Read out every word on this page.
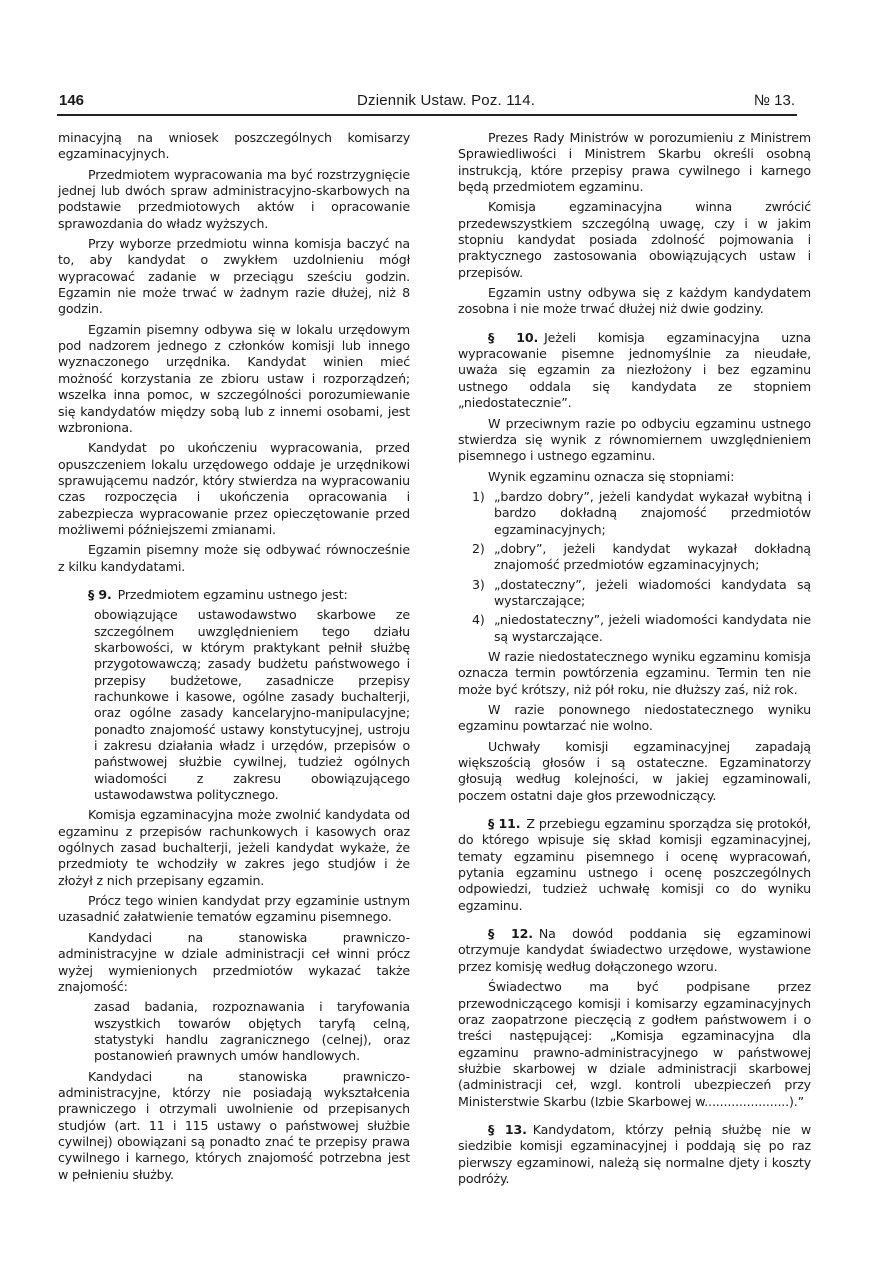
146	Dziennik Ustaw. Poz. 114.	№ 13.

minacyjną na wniosek poszczególnych komisarzy egzaminacyjnych.

Przedmiotem wypracowania ma być rozstrzygnięcie jednej lub dwóch spraw administracyjno-skarbowych na podstawie przedmiotowych aktów i opracowanie sprawozdania do władz wyższych.

Przy wyborze przedmiotu winna komisja baczyć na to, aby kandydat o zwykłem uzdolnieniu mógł wypracować zadanie w przeciągu sześciu godzin. Egzamin nie może trwać w żadnym razie dłużej, niż 8 godzin.

Egzamin pisemny odbywa się w lokalu urzędowym pod nadzorem jednego z członków komisji lub innego wyznaczonego urzędnika. Kandydat winien mieć możność korzystania ze zbioru ustaw i rozporządzeń; wszelka inna pomoc, w szczególności porozumiewanie się kandydatów między sobą lub z innemi osobami, jest wzbroniona.

Kandydat po ukończeniu wypracowania, przed opuszczeniem lokalu urzędowego oddaje je urzędnikowi sprawującemu nadzór, który stwierdza na wypracowaniu czas rozpoczęcia i ukończenia opracowania i zabezpiecza wypracowanie przez opieczętowanie przed możliwemi późniejszemi zmianami.

Egzamin pisemny może się odbywać równocześnie z kilku kandydatami.

§ 9. Przedmiotem egzaminu ustnego jest:

obowiązujące ustawodawstwo skarbowe ze szczególnem uwzględnieniem tego działu skarbowości, w którym praktykant pełnił służbę przygotowawczą; zasady budżetu państwowego i przepisy budżetowe, zasadnicze przepisy rachunkowe i kasowe, ogólne zasady buchalterji, oraz ogólne zasady kancelaryjno-manipulacyjne; ponadto znajomość ustawy konstytucyjnej, ustroju i zakresu działania władz i urzędów, przepisów o państwowej służbie cywilnej, tudzież ogólnych wiadomości z zakresu obowiązującego ustawodawstwa politycznego.

Komisja egzaminacyjna może zwolnić kandydata od egzaminu z przepisów rachunkowych i kasowych oraz ogólnych zasad buchalterji, jeżeli kandydat wykaże, że przedmioty te wchodziły w zakres jego studjów i że złożył z nich przepisany egzamin.

Prócz tego winien kandydat przy egzaminie ustnym uzasadnić załatwienie tematów egzaminu pisemnego.

Kandydaci na stanowiska prawniczo-administracyjne w dziale administracji ceł winni prócz wyżej wymienionych przedmiotów wykazać także znajomość:

zasad badania, rozpoznawania i taryfowania wszystkich towarów objętych taryfą celną, statystyki handlu zagranicznego (celnej), oraz postanowień prawnych umów handlowych.

Kandydaci na stanowiska prawniczo-administracyjne, którzy nie posiadają wykształcenia prawniczego i otrzymali uwolnienie od przepisanych studjów (art. 11 i 115 ustawy o państwowej służbie cywilnej) obowiązani są ponadto znać te przepisy prawa cywilnego i karnego, których znajomość potrzebna jest w pełnieniu służby.

Prezes Rady Ministrów w porozumieniu z Ministrem Sprawiedliwości i Ministrem Skarbu określi osobną instrukcją, które przepisy prawa cywilnego i karnego będą przedmiotem egzaminu.

Komisja egzaminacyjna winna zwrócić przedewszystkiem szczególną uwagę, czy i w jakim stopniu kandydat posiada zdolność pojmowania i praktycznego zastosowania obowiązujących ustaw i przepisów.

Egzamin ustny odbywa się z każdym kandydatem zosobna i nie może trwać dłużej niż dwie godziny.

§ 10. Jeżeli komisja egzaminacyjna uzna wypracowanie pisemne jednomyślnie za nieudałe, uważa się egzamin za niezłożony i bez egzaminu ustnego oddala się kandydata ze stopniem „niedostatecznie”.

W przeciwnym razie po odbyciu egzaminu ustnego stwierdza się wynik z równomiernem uwzględnieniem pisemnego i ustnego egzaminu.

Wynik egzaminu oznacza się stopniami:

1) „bardzo dobry”, jeżeli kandydat wykazał wybitną i bardzo dokładną znajomość przedmiotów egzaminacyjnych;
2) „dobry”, jeżeli kandydat wykazał dokładną znajomość przedmiotów egzaminacyjnych;
3) „dostateczny”, jeżeli wiadomości kandydata są wystarczające;
4) „niedostateczny”, jeżeli wiadomości kandydata nie są wystarczające.

W razie niedostatecznego wyniku egzaminu komisja oznacza termin powtórzenia egzaminu. Termin ten nie może być krótszy, niż pół roku, nie dłuższy zaś, niż rok.

W razie ponownego niedostatecznego wyniku egzaminu powtarzać nie wolno.

Uchwały komisji egzaminacyjnej zapadają większością głosów i są ostateczne. Egzaminatorzy głosują według kolejności, w jakiej egzaminowali, poczem ostatni daje głos przewodniczący.

§ 11. Z przebiegu egzaminu sporządza się protokół, do którego wpisuje się skład komisji egzaminacyjnej, tematy egzaminu pisemnego i ocenę wypracowań, pytania egzaminu ustnego i ocenę poszczególnych odpowiedzi, tudzież uchwałę komisji co do wyniku egzaminu.

§ 12. Na dowód poddania się egzaminowi otrzymuje kandydat świadectwo urzędowe, wystawione przez komisję według dołączonego wzoru.

Świadectwo ma być podpisane przez przewodniczącego komisji i komisarzy egzaminacyjnych oraz zaopatrzone pieczęcią z godłem państwowem i o treści następującej: „Komisja egzaminacyjna dla egzaminu prawno-administracyjnego w państwowej służbie skarbowej w dziale administracji skarbowej (administracji ceł, wzgl. kontroli ubezpieczeń przy Ministerstwie Skarbu (Izbie Skarbowej w......................).”

§ 13. Kandydatom, którzy pełnią służbę nie w siedzibie komisji egzaminacyjnej i poddają się po raz pierwszy egzaminowi, należą się normalne djety i koszty podróży.
